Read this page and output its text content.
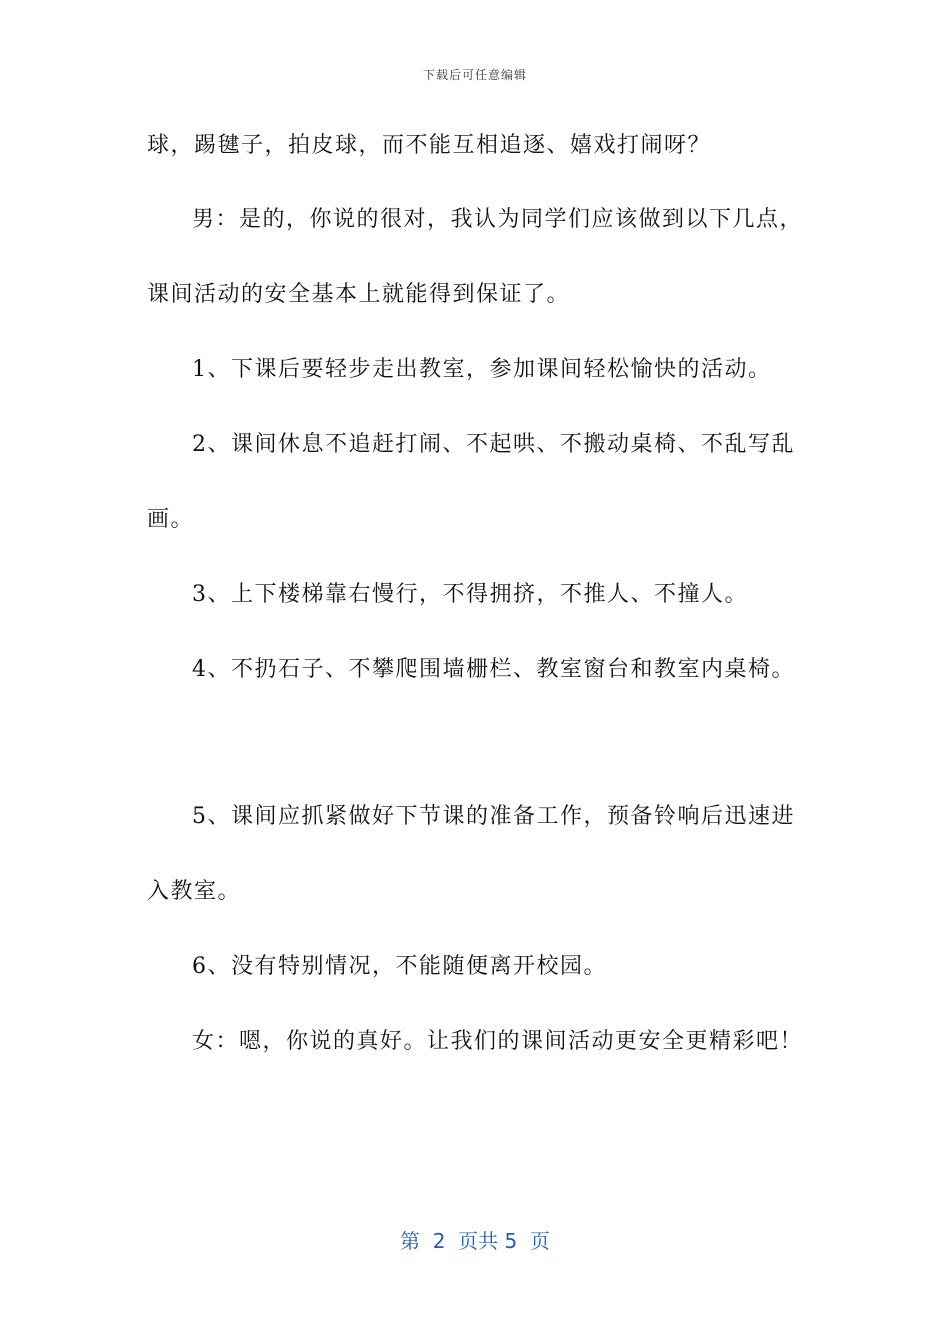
下载后可任意编辑
球，踢毽子，拍皮球，而不能互相追逐、嬉戏打闹呀？
男：是的，你说的很对，我认为同学们应该做到以下几点，
课间活动的安全基本上就能得到保证了。
1、下课后要轻步走出教室，参加课间轻松愉快的活动。
2、课间休息不追赶打闹、不起哄、不搬动桌椅、不乱写乱
画。
3、上下楼梯靠右慢行，不得拥挤，不推人、不撞人。
4、不扔石子、不攀爬围墙栅栏、教室窗台和教室内桌椅。
5、课间应抓紧做好下节课的准备工作，预备铃响后迅速进
入教室。
6、没有特别情况，不能随便离开校园。
女：嗯，你说的真好。让我们的课间活动更安全更精彩吧！
第  2  页共 5  页
